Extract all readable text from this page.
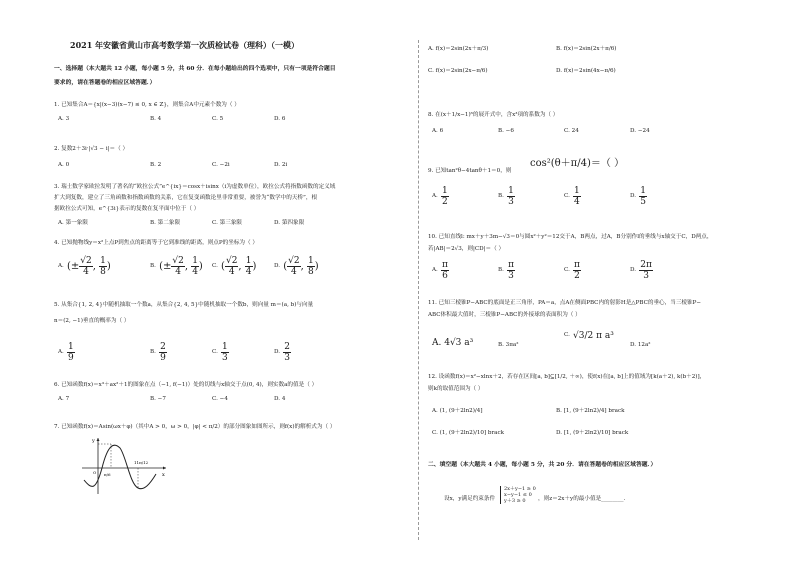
2021 年安徽省黄山市高考数学第一次质检试卷（理科）（一模）
一、选择题（本大题共 12 小题，每小题 5 分，共 60 分．在每小题给出的四个选项中，只有一项是符合题目
要求的，请在答题卷的相应区域答题．）
1. 已知集合A＝{x|(x−3)(x−7) ≤ 0, x ∈ Z}，则集合A中元素个数为（ ）
A. 3	B. 4	C. 5	D. 6
2. 复数2＋3i·|√3 − i|＝（ ）
A. 0	B. 2	C. −2i	D. 2i
3. 瑞士数学家欧拉发明了著名的“欧拉公式”e^{ix}＝cosx＋isinx（i为虚数单位），欧拉公式将指数函数的定义域
扩大到复数，建立了三角函数和指数函数的关系，它在复变函数论里非常重要，被誉为“数学中的天桥”，根
据欧拉公式可知，e^{3i}表示的复数在复平面中位于（ ）
A. 第一象限	B. 第二象限	C. 第三象限	D. 第四象限
4. 已知抛物线y＝x²上点P到焦点的距离等于它到准线的距离，则点P的坐标为（ ）
A. (± $\frac{√2}{4}$ , $\frac{1}{8}$ )	B. (± $\frac{√2}{4}$ , $\frac{1}{4}$ ) C. ( $\frac{√2}{4}$ , $\frac{1}{4}$ )	D. ( $\frac{√2}{4}$ , $\frac{1}{8}$ )
5. 从集合{1, 2, 4}中随机抽取一个数a，从集合{2, 4, 5}中随机抽取一个数b，则向量 m＝(a, b)与向量
n＝(2, −1)垂直的概率为（ ）
A. $\frac{1}{9}$	B. $\frac{2}{9}$	C. $\frac{1}{3}$	D. $\frac{2}{3}$
6. 已知函数f(x)＝x³＋ax²＋1的图象在点（−1, f(−1)）处的切线与x轴交于点(0, 4)，则实数a的值是（ ）
A. 7	B. −7	C. −4	D. 4
7. 已知函数f(x)＝Asin(ωx＋φ)（其中A > 0，ω > 0，|φ| < π/2）的部分图象如图所示，则f(x)的解析式为（ ）
y
x
O π/6
11π/12
A. f(x)＝2sin(2x＋π/3)	B. f(x)＝2sin(2x＋π/6)
C. f(x)＝2sin(2x−π/6)	D. f(x)＝2sin(4x−π/6)
8. 在(x＋1/x−1)⁶的展开式中，含x³项的系数为（ ）
A. 6	B. −6	C. 24	D. −24
9. 已知tan²θ−4tanθ＋1＝0，则
cos²(θ＋π/4)＝（ ）
A. $\frac{1}{2}$	B. $\frac{1}{3}$	C. $\frac{1}{4}$	D. $\frac{1}{5}$
10. 已知直线l: mx＋y＋3m−√3＝0与圆x²＋y²＝12交于A，B两点，过A，B分别作l的垂线与x轴交于C，D两点，
若|AB|＝2√3，则|CD|＝（ ）
A. $\frac{\pi}{6}$	B. $\frac{\pi}{3}$	C. $\frac{\pi}{2}$	D. $\frac{2\pi}{3}$
11. 已知三棱锥P−ABC的底面是正三角形，PA＝a，点A在侧面PBC内的射影H是△PBC的垂心，当三棱锥P−
ABC体积最大值时，三棱锥P−ABC的外接球的表面积为（ ）
A. 4√3 a³	B. 3πa²
C. √3/2 π a³
D. 12a²
12. 设函数f(x)＝x²−xlnx＋2，若存在区间[a, b]⊆[1/2, ＋∞)，使f(x)在[a, b]上的值域为[k(a＋2), k(b＋2)]，
则k的取值范围为（ ）
A. (1, (9＋2ln2)/4]	B. [1, (9＋2ln2)/4] brack
C. (1, (9＋2ln2)/10] brack	D. [1, (9＋2ln2)/10] brack
二、填空题（本大题共 4 小题，每小题 5 分，共 20 分．请在答题卷的相应区域答题．）
设x，y满足约束条件
2x＋y−1 ≥ 0
x−y−1 ≤ 0
y＋3 ≥ 0	，则z＝2x＋y的最小值是________.
